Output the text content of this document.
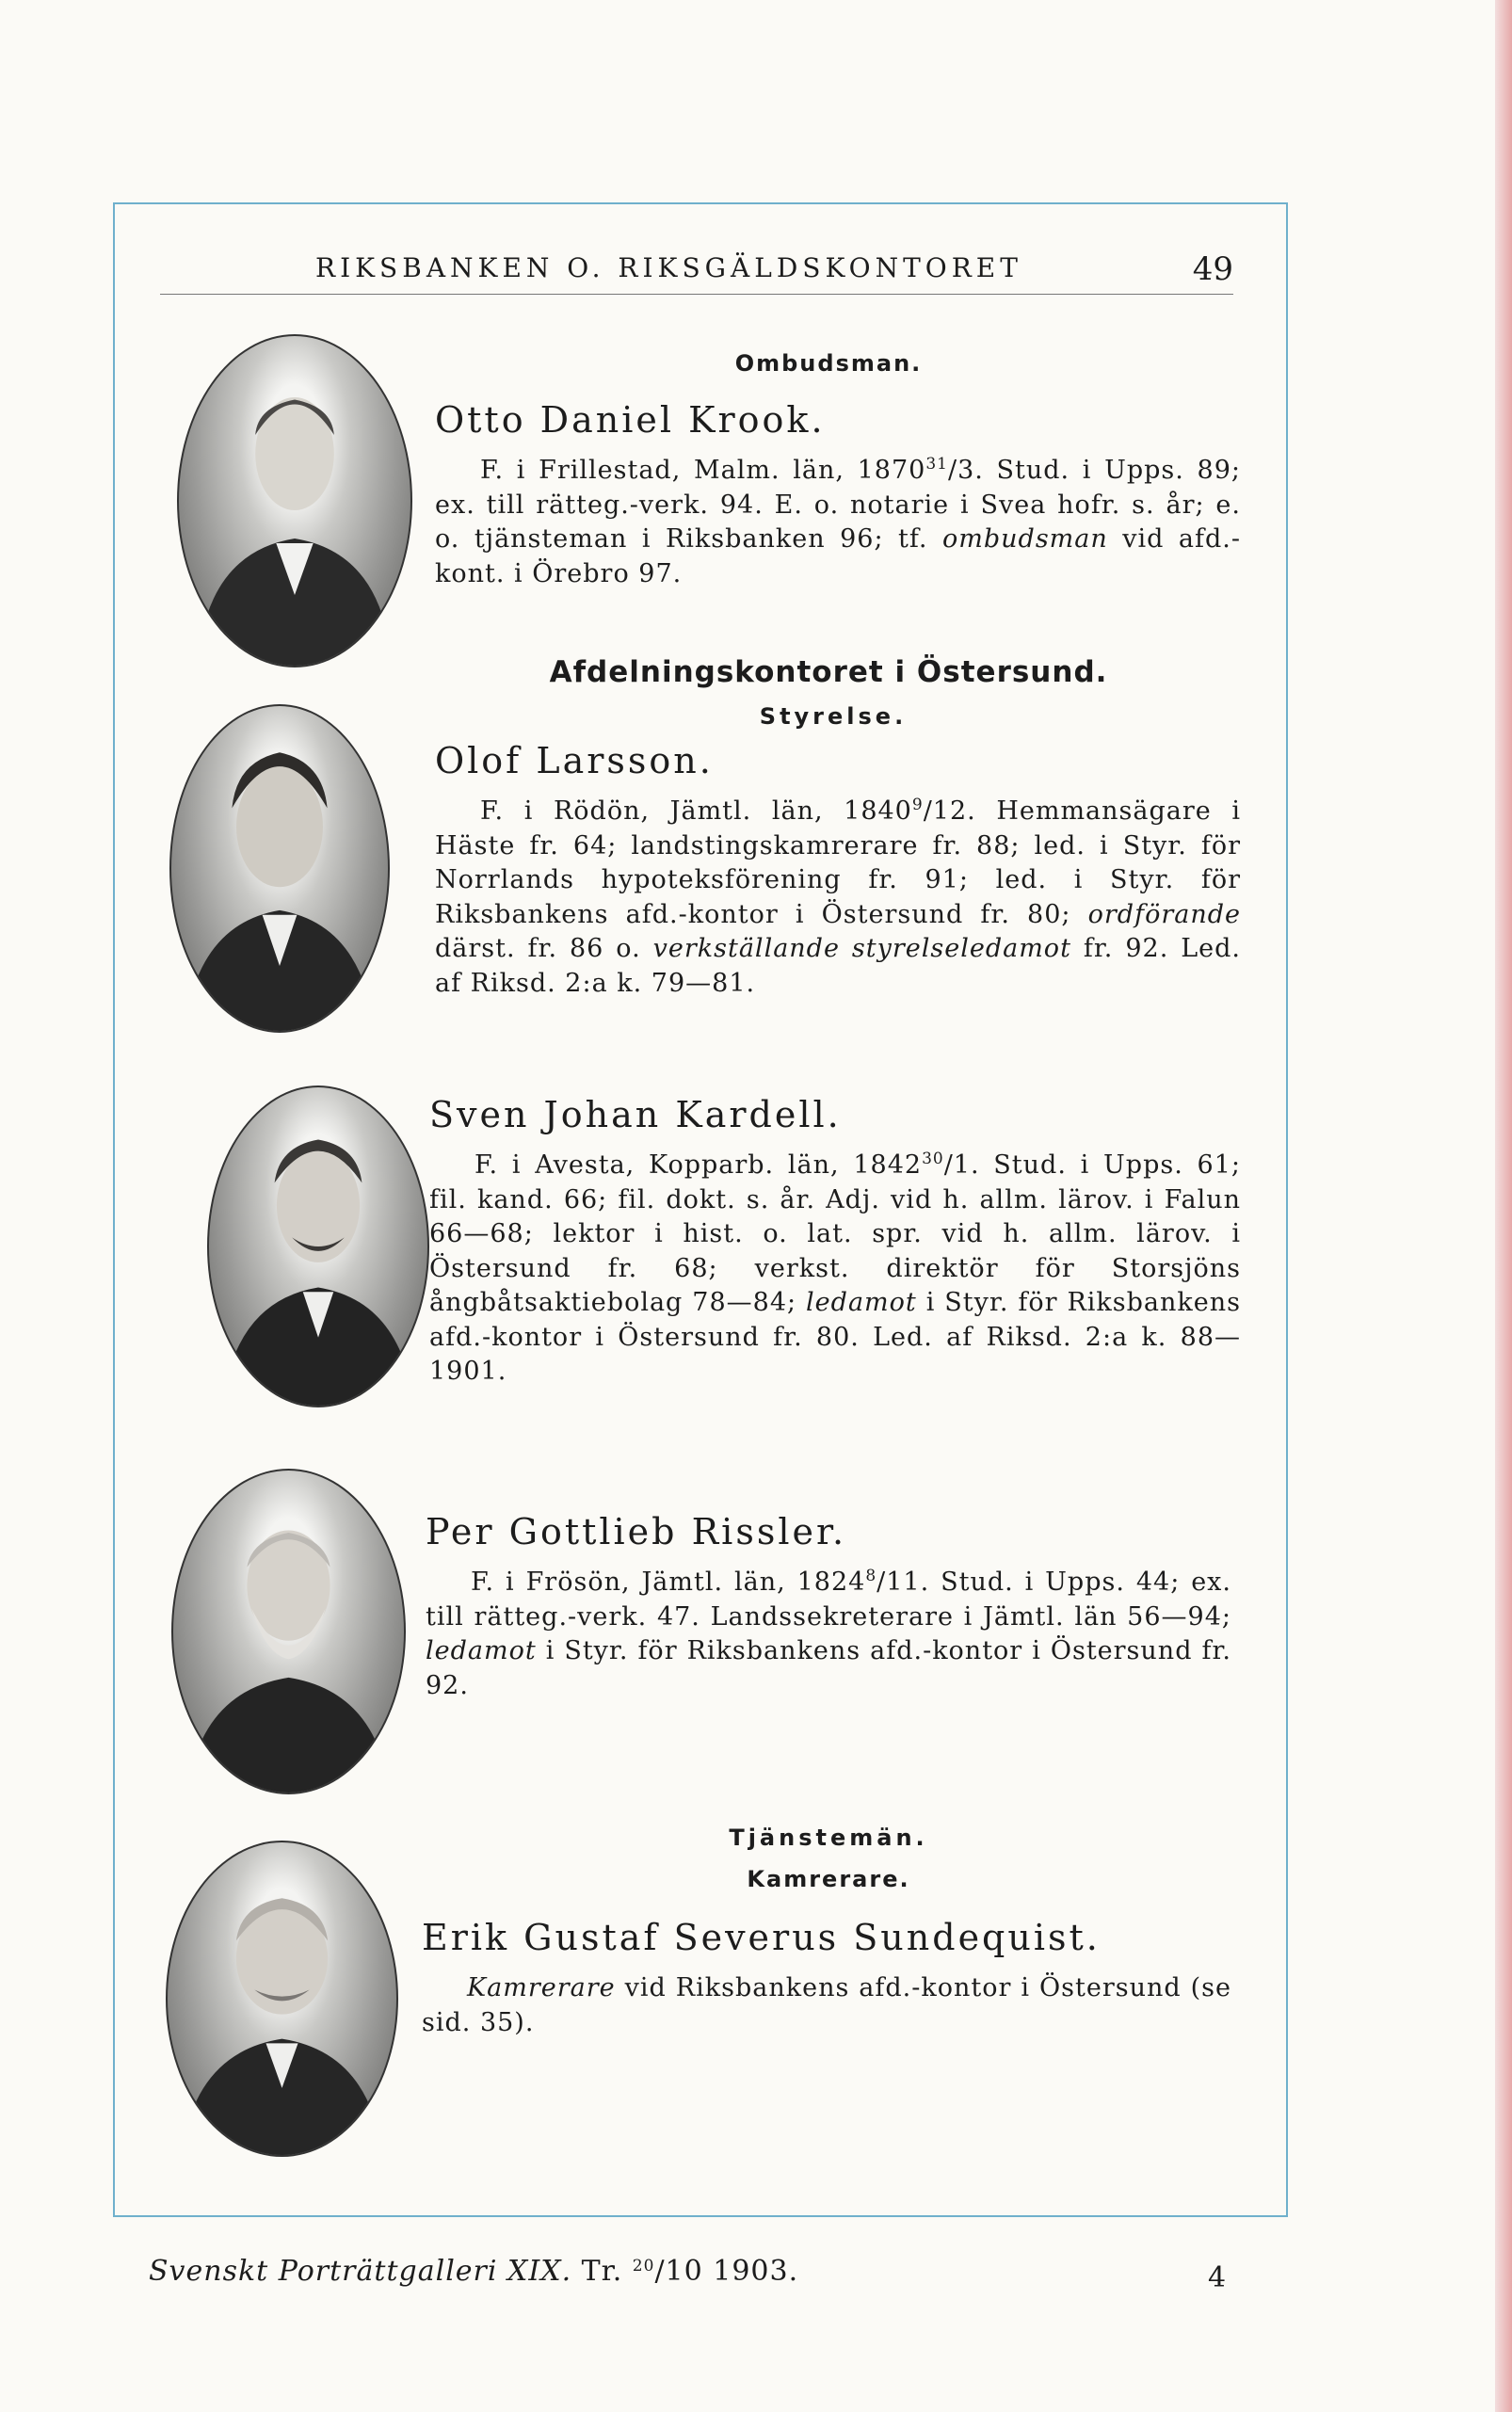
RIKSBANKEN O. RIKSGÄLDSKONTORET	49
Ombudsman.
Afdelningskontoret i Östersund.
Styrelse.
Tjänstemän.
Kamrerare.
Otto Daniel Krook.
F. i Frillestad, Malm. län, 1870$^{31}$/3. Stud. i Upps. 89; ex. till rätteg.-verk. 94. E. o. notarie i Svea hofr. s. år; e. o. tjänsteman i Riksbanken 96; tf. ombudsman vid afd.-kont. i Örebro 97.
Olof Larsson.
F. i Rödön, Jämtl. län, 1840$^9$/12. Hemmansägare i Häste fr. 64; landstingskamrerare fr. 88; led. i Styr. för Norrlands hypoteksförening fr. 91; led. i Styr. för Riksbankens afd.-kontor i Östersund fr. 80; ordförande därst. fr. 86 o. verkställande styrelseledamot fr. 92. Led. af Riksd. 2:a k. 79—81.
Sven Johan Kardell.
F. i Avesta, Kopparb. län, 1842$^{30}$/1. Stud. i Upps. 61; fil. kand. 66; fil. dokt. s. år. Adj. vid h. allm. lärov. i Falun 66—68; lektor i hist. o. lat. spr. vid h. allm. lärov. i Östersund fr. 68; verkst. direktör för Storsjöns ångbåtsaktiebolag 78—84; ledamot i Styr. för Riksbankens afd.-kontor i Östersund fr. 80. Led. af Riksd. 2:a k. 88—1901.
Per Gottlieb Rissler.
F. i Frösön, Jämtl. län, 1824$^8$/11. Stud. i Upps. 44; ex. till rätteg.-verk. 47. Landssekreterare i Jämtl. län 56—94; ledamot i Styr. för Riksbankens afd.-kontor i Östersund fr. 92.
Erik Gustaf Severus Sundequist.
Kamrerare vid Riksbankens afd.-kontor i Östersund (se sid. 35).
Svenskt Porträttgalleri XIX. Tr. $^{20}$/10 1903.	4
